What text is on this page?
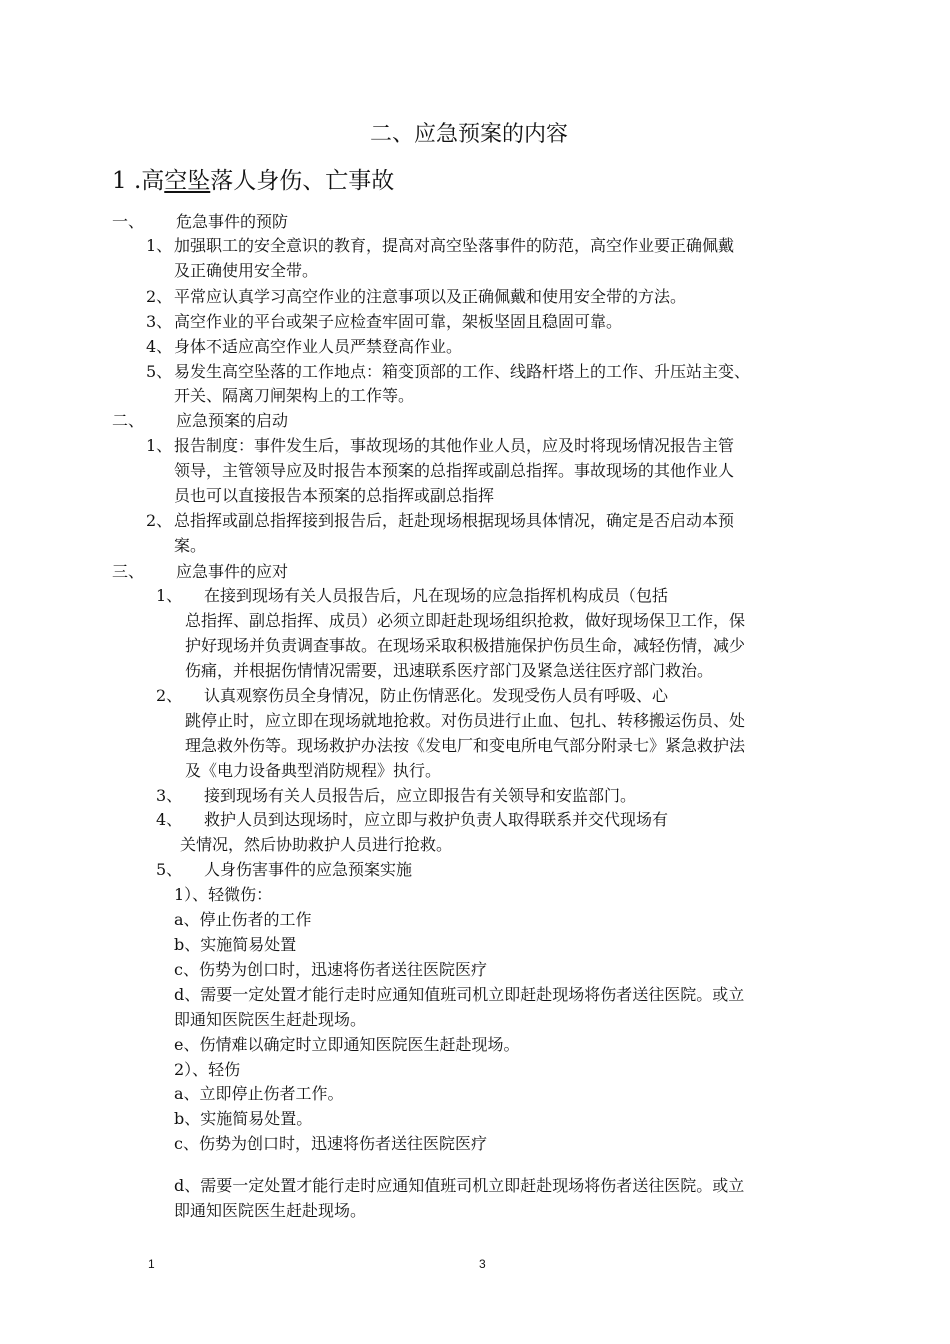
二、应急预案的内容
1 .高空坠落人身伤、亡事故
一、 危急事件的预防
1、 加强职工的安全意识的教育，提高对高空坠落事件的防范，高空作业要正确佩戴
及正确使用安全带。
2、 平常应认真学习高空作业的注意事项以及正确佩戴和使用安全带的方法。
3、 高空作业的平台或架子应检查牢固可靠，架板坚固且稳固可靠。
4、 身体不适应高空作业人员严禁登高作业。
5、 易发生高空坠落的工作地点：箱变顶部的工作、线路杆塔上的工作、升压站主变、
开关、隔离刀闸架构上的工作等。
二、 应急预案的启动
1、 报告制度：事件发生后，事故现场的其他作业人员，应及时将现场情况报告主管
领导，主管领导应及时报告本预案的总指挥或副总指挥。事故现场的其他作业人
员也可以直接报告本预案的总指挥或副总指挥
2、 总指挥或副总指挥接到报告后，赶赴现场根据现场具体情况，确定是否启动本预
案。
三、 应急事件的应对
1、 在接到现场有关人员报告后，凡在现场的应急指挥机构成员（包括
总指挥、副总指挥、成员）必须立即赶赴现场组织抢救，做好现场保卫工作，保
护好现场并负责调查事故。在现场采取积极措施保护伤员生命，减轻伤情，减少
伤痛，并根据伤情情况需要，迅速联系医疗部门及紧急送往医疗部门救治。
2、 认真观察伤员全身情况，防止伤情恶化。发现受伤人员有呼吸、心
跳停止时，应立即在现场就地抢救。对伤员进行止血、包扎、转移搬运伤员、处
理急救外伤等。现场救护办法按《发电厂和变电所电气部分附录七》紧急救护法
及《电力设备典型消防规程》执行。
3、 接到现场有关人员报告后，应立即报告有关领导和安监部门。
4、 救护人员到达现场时，应立即与救护负责人取得联系并交代现场有
关情况，然后协助救护人员进行抢救。
5、 人身伤害事件的应急预案实施
1）、轻微伤：
a、停止伤者的工作
b、实施简易处置
c、伤势为创口时，迅速将伤者送往医院医疗
d、需要一定处置才能行走时应通知值班司机立即赶赴现场将伤者送往医院。或立
即通知医院医生赶赴现场。
e、伤情难以确定时立即通知医院医生赶赴现场。
2）、轻伤
a、立即停止伤者工作。
b、实施简易处置。
c、伤势为创口时，迅速将伤者送往医院医疗
d、需要一定处置才能行走时应通知值班司机立即赶赴现场将伤者送往医院。或立
即通知医院医生赶赴现场。
1	3
